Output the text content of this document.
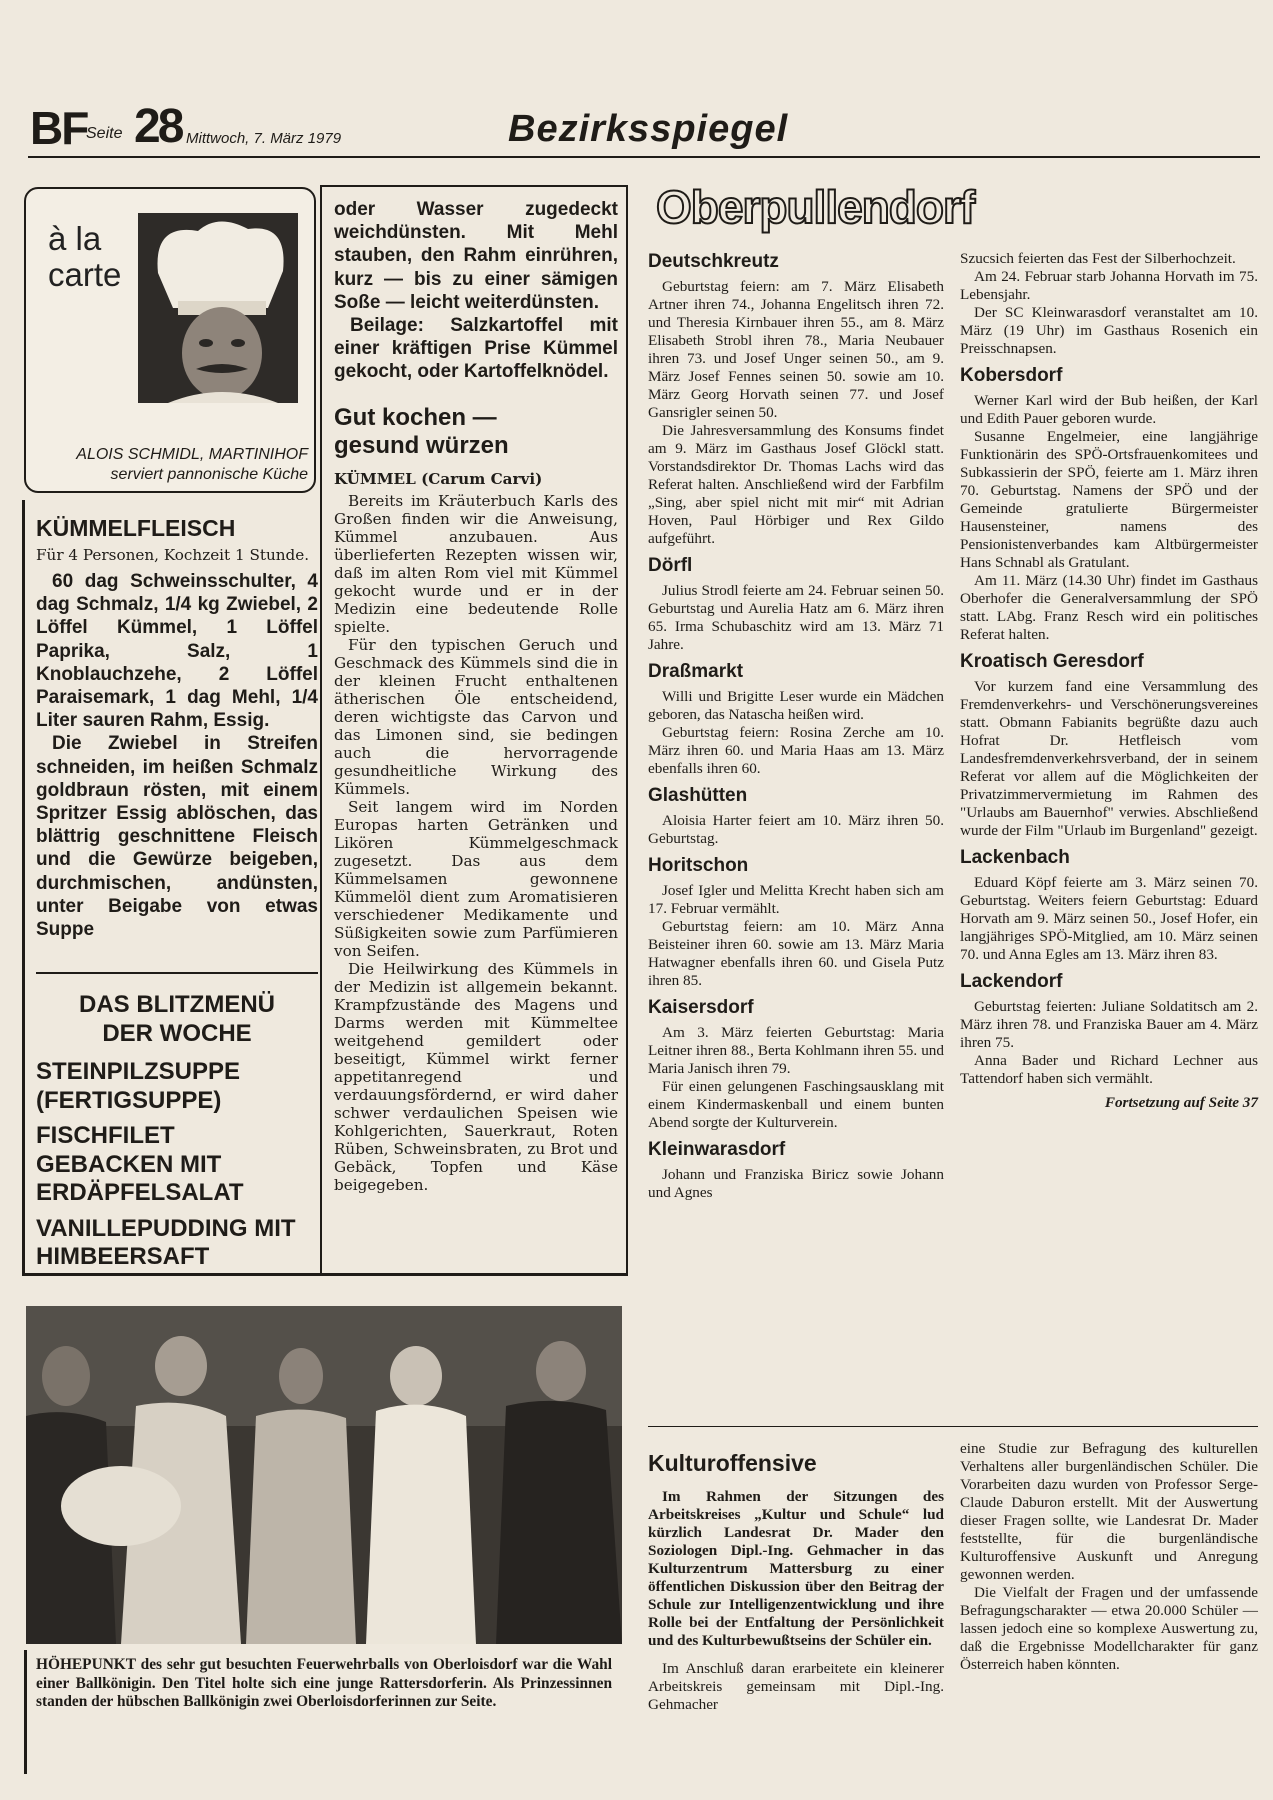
BF
Seite 28 Mittwoch, 7. März 1979	Bezirksspiegel
à la
carte
ALOIS SCHMIDL, MARTINIHOF
serviert pannonische Küche
KÜMMELFLEISCH

Für 4 Personen, Kochzeit 1 Stunde.

60 dag Schweinsschulter, 4 dag Schmalz, 1/4 kg Zwiebel, 2 Löffel Kümmel, 1 Löffel Paprika, Salz, 1 Knoblauchzehe, 2 Löffel Paraisemark, 1 dag Mehl, 1/4 Liter sauren Rahm, Essig.

Die Zwiebel in Streifen schneiden, im heißen Schmalz goldbraun rösten, mit einem Spritzer Essig ablöschen, das blättrig geschnittene Fleisch und die Gewürze beigeben, durchmischen, andünsten, unter Beigabe von etwas Suppe

DAS BLITZMENÜ
DER WOCHE
STEINPILZSUPPE (FERTIGSUPPE)
FISCHFILET GEBACKEN MIT ERDÄPFELSALAT
VANILLEPUDDING MIT HIMBEERSAFT

oder Wasser zugedeckt weichdünsten. Mit Mehl stauben, den Rahm einrühren, kurz — bis zu einer sämigen Soße — leicht weiterdünsten.

Beilage: Salzkartoffel mit einer kräftigen Prise Kümmel gekocht, oder Kartoffelknödel.

Gut kochen —
gesund würzen

KÜMMEL (Carum Carvi)

Bereits im Kräuterbuch Karls des Großen finden wir die Anweisung, Kümmel anzubauen. Aus überlieferten Rezepten wissen wir, daß im alten Rom viel mit Kümmel gekocht wurde und er in der Medizin eine bedeutende Rolle spielte.

Für den typischen Geruch und Geschmack des Kümmels sind die in der kleinen Frucht enthaltenen ätherischen Öle entscheidend, deren wichtigste das Carvon und das Limonen sind, sie bedingen auch die hervorragende gesundheitliche Wirkung des Kümmels.

Seit langem wird im Norden Europas harten Getränken und Likören Kümmelgeschmack zugesetzt. Das aus dem Kümmelsamen gewonnene Kümmelöl dient zum Aromatisieren verschiedener Medikamente und Süßigkeiten sowie zum Parfümieren von Seifen.

Die Heilwirkung des Kümmels in der Medizin ist allgemein bekannt. Krampfzustände des Magens und Darms werden mit Kümmeltee weitgehend gemildert oder beseitigt, Kümmel wirkt ferner appetitanregend und verdauungsfördernd, er wird daher schwer verdaulichen Speisen wie Kohlgerichten, Sauerkraut, Roten Rüben, Schweinsbraten, zu Brot und Gebäck, Topfen und Käse beigegeben.

HÖHEPUNKT des sehr gut besuchten Feuerwehrballs von Oberloisdorf war die Wahl einer Ballkönigin. Den Titel holte sich eine junge Rattersdorferin. Als Prinzessinnen standen der hübschen Ballkönigin zwei Oberloisdorferinnen zur Seite.
Oberpullendorf
Deutschkreutz

Geburtstag feiern: am 7. März Elisabeth Artner ihren 74., Johanna Engelitsch ihren 72. und Theresia Kirnbauer ihren 55., am 8. März Elisabeth Strobl ihren 78., Maria Neubauer ihren 73. und Josef Unger seinen 50., am 9. März Josef Fennes seinen 50. sowie am 10. März Georg Horvath seinen 77. und Josef Gansrigler seinen 50.

Die Jahresversammlung des Konsums findet am 9. März im Gasthaus Josef Glöckl statt. Vorstandsdirektor Dr. Thomas Lachs wird das Referat halten. Anschließend wird der Farbfilm „Sing, aber spiel nicht mit mir“ mit Adrian Hoven, Paul Hörbiger und Rex Gildo aufgeführt.

Dörfl

Julius Strodl feierte am 24. Februar seinen 50. Geburtstag und Aurelia Hatz am 6. März ihren 65. Irma Schubaschitz wird am 13. März 71 Jahre.

Draßmarkt

Willi und Brigitte Leser wurde ein Mädchen geboren, das Natascha heißen wird.

Geburtstag feiern: Rosina Zerche am 10. März ihren 60. und Maria Haas am 13. März ebenfalls ihren 60.

Glashütten

Aloisia Harter feiert am 10. März ihren 50. Geburtstag.

Horitschon

Josef Igler und Melitta Krecht haben sich am 17. Februar vermählt.

Geburtstag feiern: am 10. März Anna Beisteiner ihren 60. sowie am 13. März Maria Hatwagner ebenfalls ihren 60. und Gisela Putz ihren 85.

Kaisersdorf

Am 3. März feierten Geburtstag: Maria Leitner ihren 88., Berta Kohlmann ihren 55. und Maria Janisch ihren 79.

Für einen gelungenen Faschingsausklang mit einem Kindermaskenball und einem bunten Abend sorgte der Kulturverein.

Kleinwarasdorf

Johann und Franziska Biricz sowie Johann und Agnes

Szucsich feierten das Fest der Silberhochzeit.

Am 24. Februar starb Johanna Horvath im 75. Lebensjahr.

Der SC Kleinwarasdorf veranstaltet am 10. März (19 Uhr) im Gasthaus Rosenich ein Preisschnapsen.

Kobersdorf

Werner Karl wird der Bub heißen, der Karl und Edith Pauer geboren wurde.

Susanne Engelmeier, eine langjährige Funktionärin des SPÖ-Ortsfrauenkomitees und Subkassierin der SPÖ, feierte am 1. März ihren 70. Geburtstag. Namens der SPÖ und der Gemeinde gratulierte Bürgermeister Hausensteiner, namens des Pensionistenverbandes kam Altbürgermeister Hans Schnabl als Gratulant.

Am 11. März (14.30 Uhr) findet im Gasthaus Oberhofer die Generalversammlung der SPÖ statt. LAbg. Franz Resch wird ein politisches Referat halten.

Kroatisch Geresdorf

Vor kurzem fand eine Versammlung des Fremdenverkehrs- und Verschönerungsvereines statt. Obmann Fabianits begrüßte dazu auch Hofrat Dr. Hetfleisch vom Landesfremdenverkehrsverband, der in seinem Referat vor allem auf die Möglichkeiten der Privatzimmervermietung im Rahmen des "Urlaubs am Bauernhof" verwies. Abschließend wurde der Film "Urlaub im Burgenland" gezeigt.

Lackenbach

Eduard Köpf feierte am 3. März seinen 70. Geburtstag. Weiters feiern Geburtstag: Eduard Horvath am 9. März seinen 50., Josef Hofer, ein langjähriges SPÖ-Mitglied, am 10. März seinen 70. und Anna Egles am 13. März ihren 83.

Lackendorf

Geburtstag feierten: Juliane Soldatitsch am 2. März ihren 78. und Franziska Bauer am 4. März ihren 75.

Anna Bader und Richard Lechner aus Tattendorf haben sich vermählt.

Fortsetzung auf Seite 37
Kulturoffensive

Im Rahmen der Sitzungen des Arbeitskreises „Kultur und Schule“ lud kürzlich Landesrat Dr. Mader den Soziologen Dipl.-Ing. Gehmacher in das Kulturzentrum Mattersburg zu einer öffentlichen Diskussion über den Beitrag der Schule zur Intelligenzentwicklung und ihre Rolle bei der Entfaltung der Persönlichkeit und des Kulturbewußtseins der Schüler ein.

Im Anschluß daran erarbeitete ein kleinerer Arbeitskreis gemeinsam mit Dipl.-Ing. Gehmacher

eine Studie zur Befragung des kulturellen Verhaltens aller burgenländischen Schüler. Die Vorarbeiten dazu wurden von Professor Serge-Claude Daburon erstellt. Mit der Auswertung dieser Fragen sollte, wie Landesrat Dr. Mader feststellte, für die burgenländische Kulturoffensive Auskunft und Anregung gewonnen werden.

Die Vielfalt der Fragen und der umfassende Befragungscharakter — etwa 20.000 Schüler — lassen jedoch eine so komplexe Auswertung zu, daß die Ergebnisse Modellcharakter für ganz Österreich haben könnten.
